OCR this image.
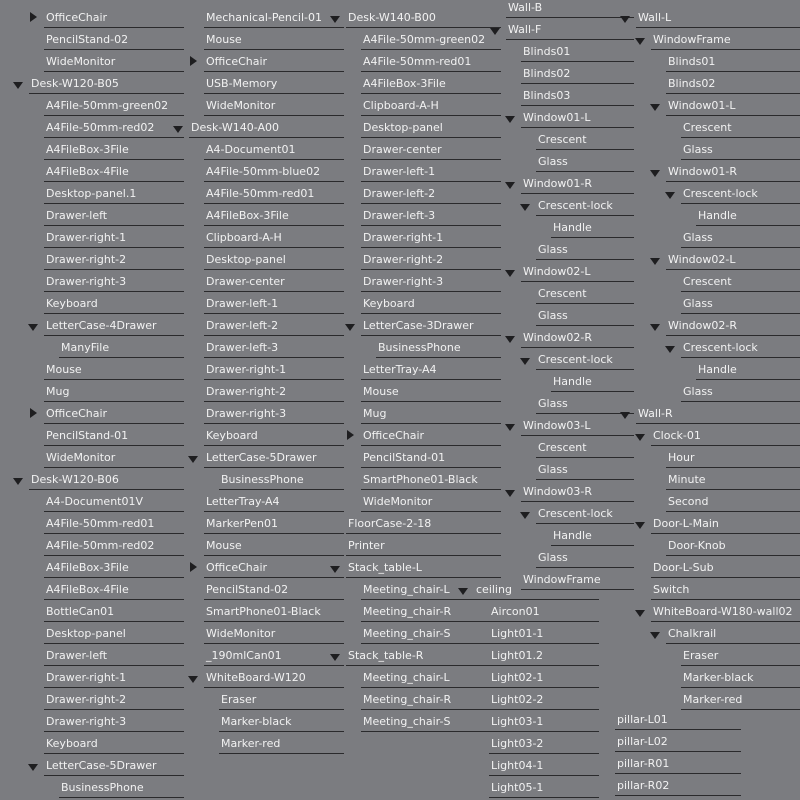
OfficeChair
PencilStand-02
WideMonitor
Desk-W120-B05
A4File-50mm-green02
A4File-50mm-red02
A4FileBox-3File
A4FileBox-4File
Desktop-panel.1
Drawer-left
Drawer-right-1
Drawer-right-2
Drawer-right-3
Keyboard
LetterCase-4Drawer
ManyFile
Mouse
Mug
OfficeChair
PencilStand-01
WideMonitor
Desk-W120-B06
A4-Document01V
A4File-50mm-red01
A4File-50mm-red02
A4FileBox-3File
A4FileBox-4File
BottleCan01
Desktop-panel
Drawer-left
Drawer-right-1
Drawer-right-2
Drawer-right-3
Keyboard
LetterCase-5Drawer
BusinessPhone
Mechanical-Pencil-01
Mouse
OfficeChair
USB-Memory
WideMonitor
Desk-W140-A00
A4-Document01
A4File-50mm-blue02
A4File-50mm-red01
A4FileBox-3File
Clipboard-A-H
Desktop-panel
Drawer-center
Drawer-left-1
Drawer-left-2
Drawer-left-3
Drawer-right-1
Drawer-right-2
Drawer-right-3
Keyboard
LetterCase-5Drawer
BusinessPhone
LetterTray-A4
MarkerPen01
Mouse
OfficeChair
PencilStand-02
SmartPhone01-Black
WideMonitor
_190mlCan01
WhiteBoard-W120
Eraser
Marker-black
Marker-red
Desk-W140-B00
A4File-50mm-green02
A4File-50mm-red01
A4FileBox-3File
Clipboard-A-H
Desktop-panel
Drawer-center
Drawer-left-1
Drawer-left-2
Drawer-left-3
Drawer-right-1
Drawer-right-2
Drawer-right-3
Keyboard
LetterCase-3Drawer
BusinessPhone
LetterTray-A4
Mouse
Mug
OfficeChair
PencilStand-01
SmartPhone01-Black
WideMonitor
FloorCase-2-18
Printer
Stack_table-L
Meeting_chair-L
Meeting_chair-R
Meeting_chair-S
Stack_table-R
Meeting_chair-L
Meeting_chair-R
Meeting_chair-S
Wall-B
Wall-F
Blinds01
Blinds02
Blinds03
Window01-L
Crescent
Glass
Window01-R
Crescent-lock
Handle
Glass
Window02-L
Crescent
Glass
Window02-R
Crescent-lock
Handle
Glass
Window03-L
Crescent
Glass
Window03-R
Crescent-lock
Handle
Glass
WindowFrame
ceiling
Aircon01
Light01-1
Light01.2
Light02-1
Light02-2
Light03-1
Light03-2
Light04-1
Light05-1
Wall-L
WindowFrame
Blinds01
Blinds02
Window01-L
Crescent
Glass
Window01-R
Crescent-lock
Handle
Glass
Window02-L
Crescent
Glass
Window02-R
Crescent-lock
Handle
Glass
Wall-R
Clock-01
Hour
Minute
Second
Door-L-Main
Door-Knob
Door-L-Sub
Switch
WhiteBoard-W180-wall02
Chalkrail
Eraser
Marker-black
Marker-red
pillar-L01
pillar-L02
pillar-R01
pillar-R02
